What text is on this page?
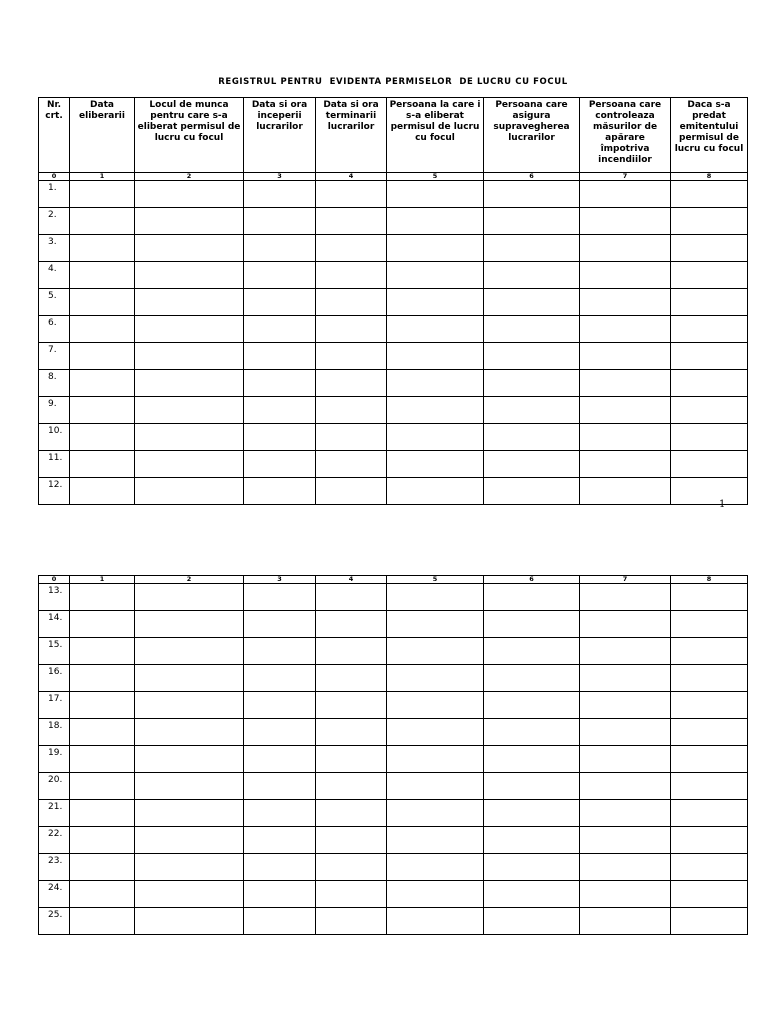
REGISTRUL PENTRU  EVIDENTA PERMISELOR  DE LUCRU CU FOCUL
Nr. crt.	Data eliberarii	Locul de munca pentru care s-a eliberat permisul de lucru cu focul	Data si ora inceperii lucrarilor	Data si ora terminarii lucrarilor	Persoana la care i s-a eliberat permisul de lucru cu focul	Persoana care asigura supravegherea lucrarilor	Persoana care controleaza măsurilor de apărare împotriva incendiilor	Daca s-a predat emitentului permisul de lucru cu focul
0	1	2	3	4	5	6	7	8
1.								
2.								
3.								
4.								
5.								
6.								
7.								
8.								
9.								
10.								
11.								
12.								
1
0	1	2	3	4	5	6	7	8
13.								
14.								
15.								
16.								
17.								
18.								
19.								
20.								
21.								
22.								
23.								
24.								
25.								
